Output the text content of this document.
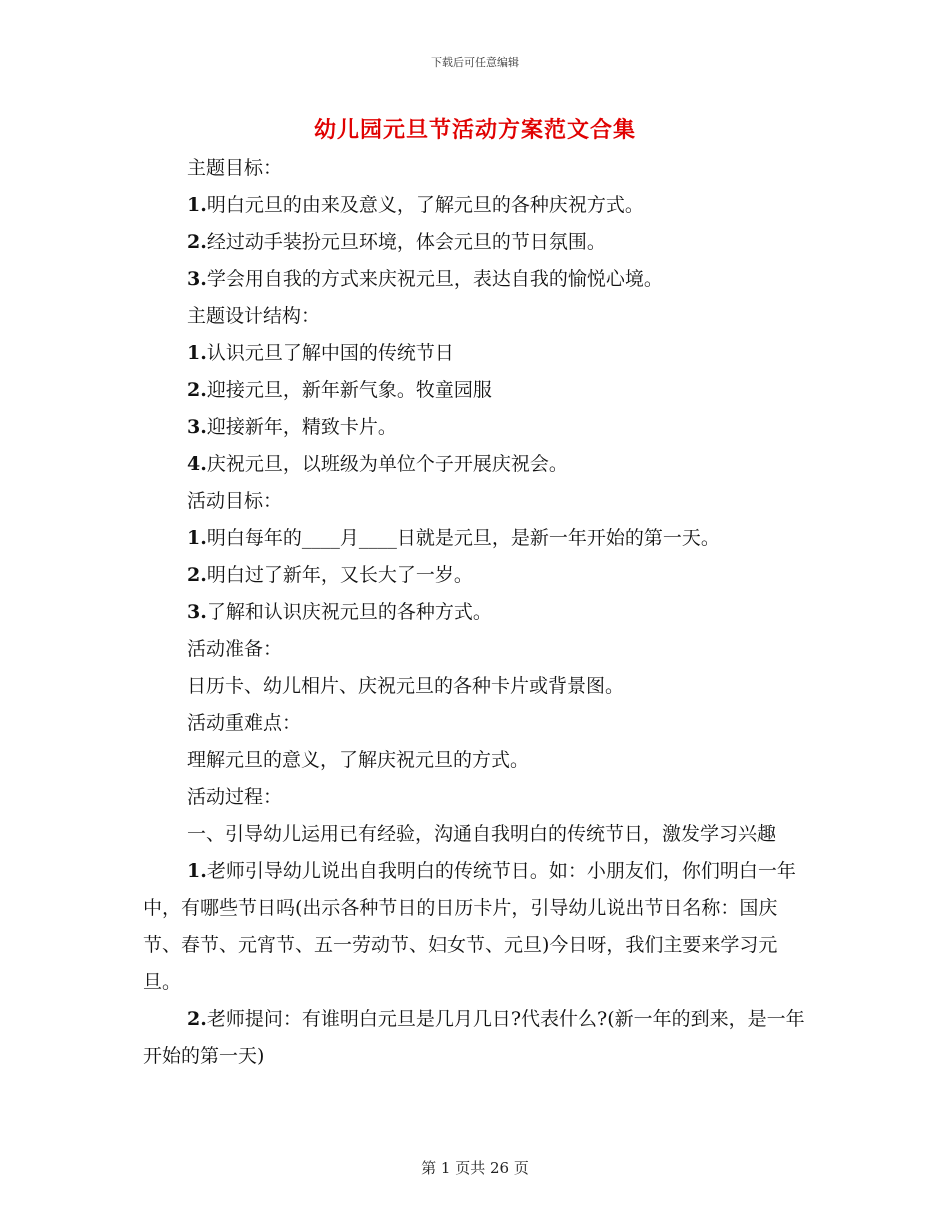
下载后可任意编辑
幼儿园元旦节活动方案范文合集

主题目标：

1.明白元旦的由来及意义，了解元旦的各种庆祝方式。

2.经过动手装扮元旦环境，体会元旦的节日氛围。

3.学会用自我的方式来庆祝元旦，表达自我的愉悦心境。

主题设计结构：

1.认识元旦了解中国的传统节日

2.迎接元旦，新年新气象。牧童园服

3.迎接新年，精致卡片。

4.庆祝元旦，以班级为单位个子开展庆祝会。

活动目标：

1.明白每年的____月____日就是元旦，是新一年开始的第一天。

2.明白过了新年，又长大了一岁。

3.了解和认识庆祝元旦的各种方式。

活动准备：

日历卡、幼儿相片、庆祝元旦的各种卡片或背景图。

活动重难点：

理解元旦的意义，了解庆祝元旦的方式。

活动过程：

一、引导幼儿运用已有经验，沟通自我明白的传统节日，激发学习兴趣

1.老师引导幼儿说出自我明白的传统节日。如：小朋友们，你们明白一年中，有哪些节日吗(出示各种节日的日历卡片，引导幼儿说出节日名称：国庆节、春节、元宵节、五一劳动节、妇女节、元旦)今日呀，我们主要来学习元旦。

2.老师提问：有谁明白元旦是几月几日?代表什么?(新一年的到来，是一年开始的第一天)

第 1 页共 26 页
